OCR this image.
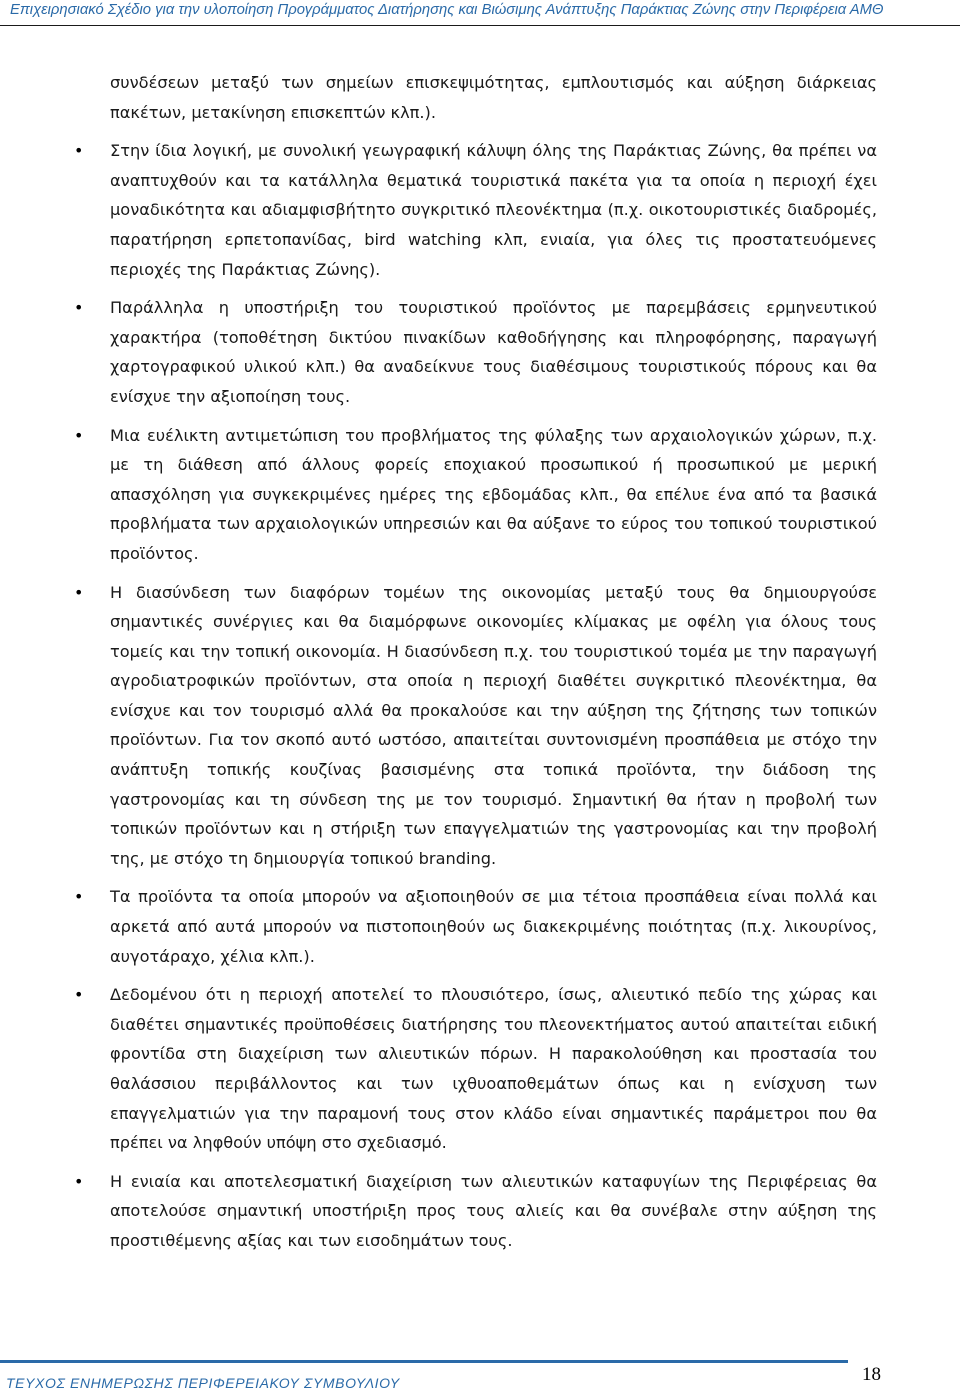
Επιχειρησιακό Σχέδιο για την υλοποίηση Προγράμματος Διατήρησης και Βιώσιμης Ανάπτυξης Παράκτιας Ζώνης στην Περιφέρεια ΑΜΘ

συνδέσεων μεταξύ των σημείων επισκεψιμότητας, εμπλουτισμός και αύξηση διάρκειας πακέτων, μετακίνηση επισκεπτών κλπ.).

• Στην ίδια λογική, με συνολική γεωγραφική κάλυψη όλης της Παράκτιας Ζώνης, θα πρέπει να αναπτυχθούν και τα κατάλληλα θεματικά τουριστικά πακέτα για τα οποία η περιοχή έχει μοναδικότητα και αδιαμφισβήτητο συγκριτικό πλεονέκτημα (π.χ. οικοτουριστικές διαδρομές, παρατήρηση ερπετοπανίδας, bird watching κλπ, ενιαία, για όλες τις προστατευόμενες περιοχές της Παράκτιας Ζώνης).

• Παράλληλα η υποστήριξη του τουριστικού προϊόντος με παρεμβάσεις ερμηνευτικού χαρακτήρα (τοποθέτηση δικτύου πινακίδων καθοδήγησης και πληροφόρησης, παραγωγή χαρτογραφικού υλικού κλπ.) θα αναδείκνυε τους διαθέσιμους τουριστικούς πόρους και θα ενίσχυε την αξιοποίηση τους.

• Μια ευέλικτη αντιμετώπιση του προβλήματος της φύλαξης των αρχαιολογικών χώρων, π.χ. με τη διάθεση από άλλους φορείς εποχιακού προσωπικού ή προσωπικού με μερική απασχόληση για συγκεκριμένες ημέρες της εβδομάδας κλπ., θα επέλυε ένα από τα βασικά προβλήματα των αρχαιολογικών υπηρεσιών και θα αύξανε το εύρος του τοπικού τουριστικού προϊόντος.

• Η διασύνδεση των διαφόρων τομέων της οικονομίας μεταξύ τους θα δημιουργούσε σημαντικές συνέργιες και θα διαμόρφωνε οικονομίες κλίμακας με οφέλη για όλους τους τομείς και την τοπική οικονομία. Η διασύνδεση π.χ. του τουριστικού τομέα με την παραγωγή αγροδιατροφικών προϊόντων, στα οποία η περιοχή διαθέτει συγκριτικό πλεονέκτημα, θα ενίσχυε και τον τουρισμό αλλά θα προκαλούσε και την αύξηση της ζήτησης των τοπικών προϊόντων. Για τον σκοπό αυτό ωστόσο, απαιτείται συντονισμένη προσπάθεια με στόχο την ανάπτυξη τοπικής κουζίνας βασισμένης στα τοπικά προϊόντα, την διάδοση της γαστρονομίας και τη σύνδεση της με τον τουρισμό. Σημαντική θα ήταν η προβολή των τοπικών προϊόντων και η στήριξη των επαγγελματιών της γαστρονομίας και την προβολή της, με στόχο τη δημιουργία τοπικού branding.

• Τα προϊόντα τα οποία μπορούν να αξιοποιηθούν σε μια τέτοια προσπάθεια είναι πολλά και αρκετά από αυτά μπορούν να πιστοποιηθούν ως διακεκριμένης ποιότητας (π.χ. λικουρίνος, αυγοτάραχο, χέλια κλπ.).

• Δεδομένου ότι η περιοχή αποτελεί το πλουσιότερο, ίσως, αλιευτικό πεδίο της χώρας και διαθέτει σημαντικές προϋποθέσεις διατήρησης του πλεονεκτήματος αυτού απαιτείται ειδική φροντίδα στη διαχείριση των αλιευτικών πόρων. Η παρακολούθηση και προστασία του θαλάσσιου περιβάλλοντος και των ιχθυοαποθεμάτων όπως και η ενίσχυση των επαγγελματιών για την παραμονή τους στον κλάδο είναι σημαντικές παράμετροι που θα πρέπει να ληφθούν υπόψη στο σχεδιασμό.

• Η ενιαία και αποτελεσματική διαχείριση των αλιευτικών καταφυγίων της Περιφέρειας θα αποτελούσε σημαντική υποστήριξη προς τους αλιείς και θα συνέβαλε στην αύξηση της προστιθέμενης αξίας και των εισοδημάτων τους.

ΤΕΥΧΟΣ ΕΝΗΜΕΡΩΣΗΣ ΠΕΡΙΦΕΡΕΙΑΚΟΥ ΣΥΜΒΟΥΛΙΟΥ	18
